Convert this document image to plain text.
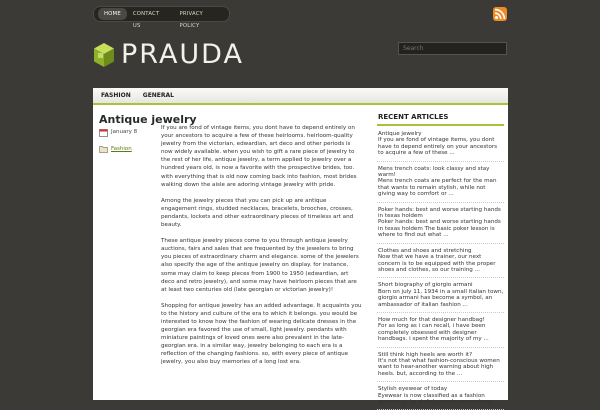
HOME	CONTACT US
PRIVACY POLICY
PRAUDA
Search
FASHION	GENERAL
Antique jewelry
January 8
Fashion

If you are fond of vintage items, you dont have to depend entirely on your ancestors to acquire a few of these heirlooms. heirloom-quality jewelry from the victorian, edwardian, art deco and other periods is now widely available. when you wish to gift a rare piece of jewelry to the rest of her life, antique jewelry, a term applied to jewelry over a hundred years old, is now a favorite with the prospective brides, too. with everything that is old now coming back into fashion, most brides walking down the aisle are adoring vintage jewelry with pride.

Among the jewelry pieces that you can pick up are antique engagement rings, studded necklaces, bracelets, brooches, crosses, pendants, lockets and other extraordinary pieces of timeless art and beauty.

These antique jewelry pieces come to you through antique jewelry auctions, fairs and sales that are frequented by the jewelers to bring you pieces of extraordinary charm and elegance. some of the jewelers also specify the age of the antique jewelry on display. for instance, some may claim to keep pieces from 1900 to 1950 (edwardian, art deco and retro jewelry), and some may have heirloom pieces that are at least two centuries old (late georgian or victorian jewelry)!

Shopping for antique jewelry has an added advantage. It acquaints you to the history and culture of the era to which it belongs. you would be interested to know how the fashion of wearing delicate dresses in the georgian era favored the use of small, light jewelry. pendants with miniature paintings of loved ones were also prevalent in the late-georgian era. in a similar way, jewelry belonging to each era is a reflection of the changing fashions. so, with every piece of antique jewelry, you also buy memories of a long lost era.

RECENT ARTICLES
Antique jewelry
If you are fond of vintage items, you dont have to depend entirely on your ancestors to acquire a few of these ...
Mens trench coats: look classy and stay warm!
Mens trench coats are perfect for the man that wants to remain stylish, while not giving way to comfort or ...
Poker hands: best and worse starting hands in texas holdem
Poker hands: best and worse starting hands in texas holdem The basic poker lesson is where to find out what ...
Clothes and shoes and stretching
Now that we have a trainer, our next concern is to be equipped with the proper shoes and clothes, so our training ...
Short biography of giorgio armani
Born on july 11, 1934 in a small italian town, giorgio armani has become a symbol, an ambassador of italian fashion ...
How much for that designer handbag!
For as long as i can recall, i have been completely obsessed with designer handbags. i spent the majority of my ...
Still think high heels are worth it?
It's not that what fashion-conscious women want to hear-another warning about high heels. but, according to the ...
Stylish eyewear of today
Eyewear is now classified as a fashion accessory, by stylish people everywhere.
